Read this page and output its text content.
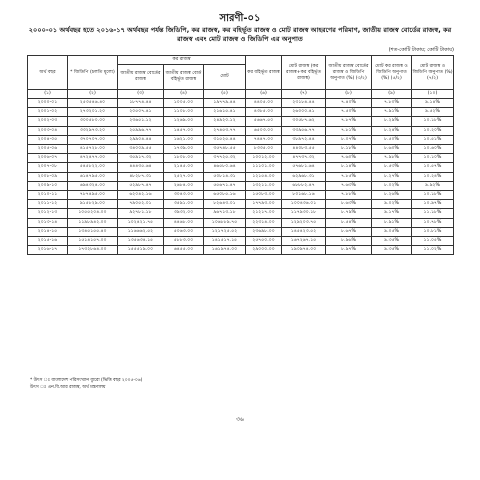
সারণী-০১
২০০০-০১ অর্থবছর হতে ২০১৬-১৭ অর্থবছর পর্যন্ত জিডিপি, কর রাজস্ব, কর বহির্ভূত রাজস্ব ও মোট রাজস্ব আহরণের পরিমাণ, জাতীয় রাজস্ব বোর্ডের রাজস্ব, কর রাজস্ব এবং মোট রাজস্ব ও জিডিপি এর অনুপাত
(শত-কোটি টাকায়; কোটি টাকায়)
অর্থ বছর	* জিডিপি (চলতি মূল্যে)	কর রাজস্ব			কর বহির্ভূত রাজস্ব	মোট রাজস্ব (কর রাজস্ব+কর বহির্ভূত রাজস্ব)	জাতীয় রাজস্ব বোর্ডের রাজস্ব ও জিডিপি অনুপাত (%) (৩/২)	মোট কর রাজস্ব ও জিডিপি অনুপাত (%) (৫/২)	মোট রাজস্ব ও জিডিপি অনুপাত (%) (৭/২)
		জাতীয় রাজস্ব বোর্ডের রাজস্ব	জাতীয় রাজস্ব বোর্ড বহির্ভূত রাজস্ব	মোট					
(১)	(২)	(৩)	(৪)	(৫)	(৬)	(৭)	(৮)	(৯)	(১০)
২০০০-০১	২৫৩৫৪৬.৪০	১৮৭৭৪.৪৪	১০০৫.০০	১৯৭৭৯.৪৪	৪৪০৫.০০	২৩১৮৪.৪৪	৭.৪০%	৭.৮০%	৯.১৪%
২০০১-০২	২৭৩২০১.২০	২০৫০৭.৪১	১১০৮.০০	২১৬১৫.৪১	৪৩৮৫.০০	২৬০০০.৪১	৭.৫০%	৭.৯১%	৯.৫২%
২০০২-০৩	৩০০৫৮০.০০	২৩৬৫১.১২	১২৬৯.০০	২৪৯২০.১২	৫৬৬৭.৫০	৩০৫৮৭.৬২	৭.৮৭%	৮.২৯%	১০.১৮%
২০০৩-০৪	৩৩২৯৭৩.২০	২৫৯৯৬.৭৭	১৪৫৭.০০	২৭৪৫৩.৭৭	৬৫০৩.০০	৩৩৯৫৬.৭৭	৭.৮১%	৮.২৪%	১০.২০%
২০০৪-০৫	৩৭০৭০৭.০০	২৯৯০৪.৪৪	১৬২১.০০	৩১৫২৫.৪৪	৭৪৪৭.০০	৩৮৯৭২.৪৪	৮.০৭%	৮.৫০%	১০.৫১%
২০০৫-০৬	৪১৫৭২৮.০০	৩৪০০৯.৫৫	১৭৩৯.০০	৩৫৭৪৮.৫৫	৮৩৩৫.০০	৪৪০৮৩.৫৫	৮.১৮%	৮.৬০%	১০.৬০%
২০০৬-০৭	৪৭২৪৭৭.০০	৩৫৯১৭.৩২	১৮০৮.০০	৩৭৭২৫.৩২	১০০১২.০০	৪৭৭৩৭.৩২	৭.৬০%	৭.৯৮%	১০.১০%
২০০৭-০৮	৫৪৫৮২২.০০	৪৪৪৩৫.৬৪	২১৪৫.০০	৪৬৫৮০.৬৪	১১১০১.০০	৫৭৬৮১.৬৪	৮.১৪%	৮.৫৩%	১০.৫৭%
২০০৮-০৯	৬১৪৭৯৫.০০	৪৮২৮৭.৩১	২৫২৭.০০	৫০৮১৪.৩১	১২১৫৪.০০	৬২৯৬৮.৩১	৭.৮৫%	৮.২৭%	১০.২৪%
২০০৯-১০	৬৯৪৩২৪.০০	৫২৯৮৭.৪৭	২৬৮৪.০০	৫৫৬৭১.৪৭	১৩২১১.০০	৬৮৮৮২.৪৭	৭.৬৩%	৮.০২%	৯.৯২%
২০১০-১১	৭৮৭৪৯৫.০০	৬২০৪২.১৬	৩০৪৩.০০	৬৫০৮৫.১৬	১৫০৮৩.০০	৮০১৬৮.১৬	৭.৮৮%	৮.২৬%	১০.১৮%
২০১১-১২	৯১৫৮২৯.০০	৭৯০৫২.০১	৩৫৯১.০০	৮২৬৪৩.০১	১৭৭৯৩.০০	১০০৪৩৬.০১	৮.৬৩%	৯.০২%	১০.৯৭%
২০১২-১৩	১০৫৫২০৪.০০	৯২৭৮১.১৮	৩৯৩২.০০	৯৬৭১৩.১৮	২১২১৭.০০	১১৭৯৩০.১৮	৮.৭৯%	৯.১৭%	১১.১৮%
২০১৩-১৪	১১৯৮৯৪২.০০	১০২৪২১.৭৫	৪৪৬৮.০০	১০৬৮৮৯.৭৫	২২৩১৪.০০	১২৯২০৩.৭৫	৮.৫৪%	৮.৯১%	১০.৭৮%
২০১৪-১৫	১৩৪৫১৫৫.৪০	১১৬৬৬২.৫২	৫০৬৩.০০	১২১৭২৫.৫২	২৩৬৯৮.০০	১৪৫৪২৩.৫২	৮.৬৭%	৯.০৫%	১০.৮১%
২০১৫-১৬	১৫১৪১৫৭.০০	১৩৫৬৩৪.১৫	৫৮৮৩.০০	১৪১৫১৭.১৫	২৫৭৫০.০০	১৬৭২৬৭.১৫	৮.৯৬%	৯.৩৫%	১১.০৫%
২০১৬-১৭	১৭৩২৮৬৪.০০	১৫৫৫১৯.০০	৬৪৫৫.০০	১৬১৯৭৪.০০	২৯০০০.০০	১৯০৯৭৪.০০	৮.৯৭%	৯.৩৫%	১১.০২%
* উৎস ঃ বাংলাদেশ পরিসংখ্যান ব্যুরো (ভিত্তি বছর ২০০৫-০৬)
উৎস ঃ এন.বি.আর রাজস্ব, অর্থ মন্ত্রণালয়
৩৬
